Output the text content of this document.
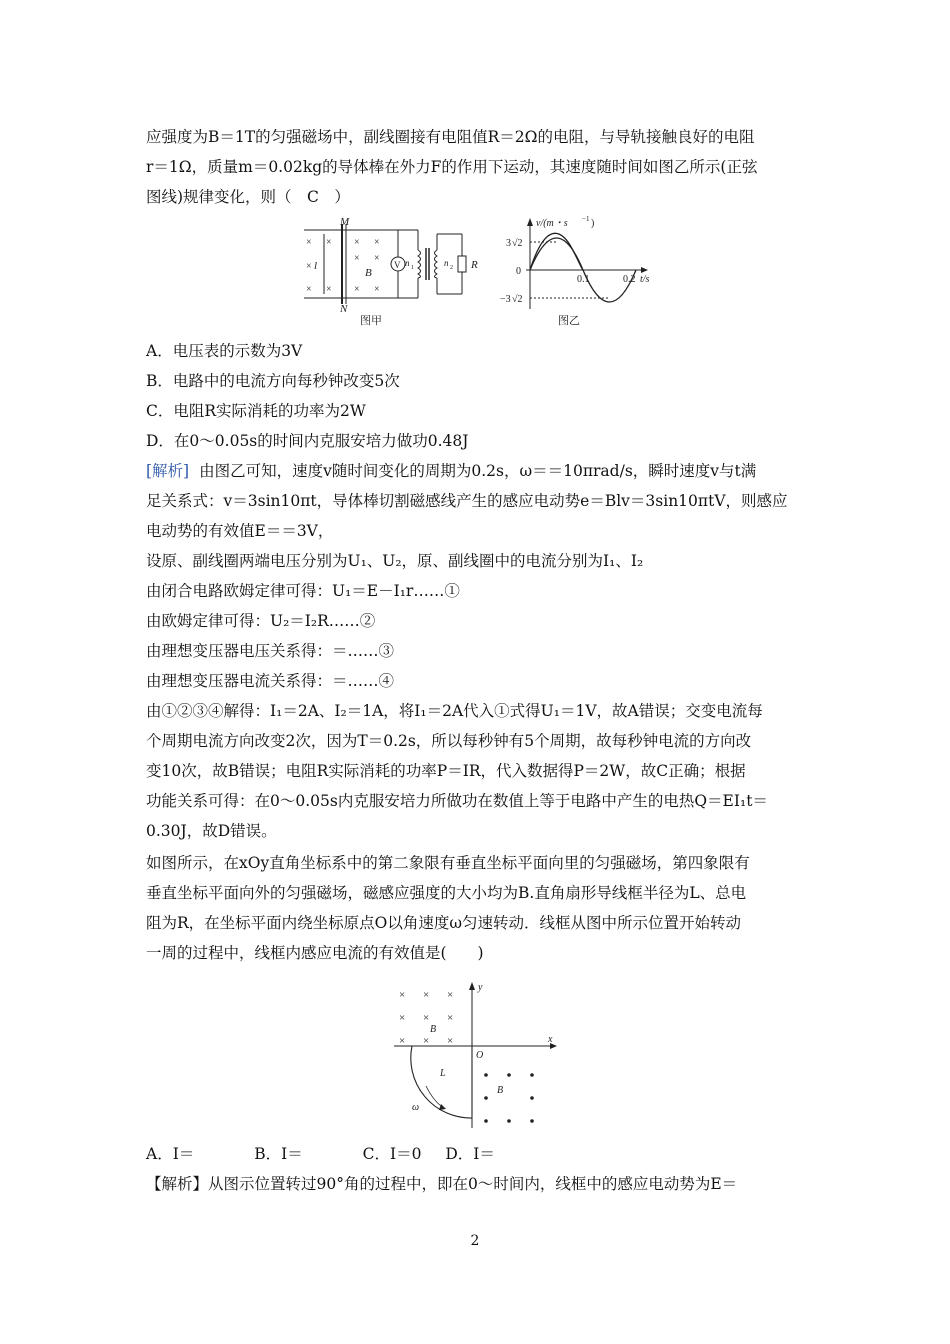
应强度为B＝1T的匀强磁场中，副线圈接有电阻值R＝2Ω的电阻，与导轨接触良好的电阻
r＝1Ω，质量m＝0.02kg的导体棒在外力F的作用下运动，其速度随时间如图乙所示(正弦
图线)规律变化，则（　C　）
M
N
l
B
V n 1	n 2 R
图甲
× × × ×
×
× ×
× × × ×
v/(m・s −1 )
3 √2
0
−3 √2
0.1	0.2 t/s
图乙
A．电压表的示数为3V
B．电路中的电流方向每秒钟改变5次
C．电阻R实际消耗的功率为2W
D．在0～0.05s的时间内克服安培力做功0.48J
[解析] 由图乙可知，速度v随时间变化的周期为0.2s，ω＝＝10πrad/s，瞬时速度v与t满
足关系式：v＝3sin10πt，导体棒切割磁感线产生的感应电动势e＝Blv＝3sin10πtV，则感应
电动势的有效值E＝＝3V，
设原、副线圈两端电压分别为U₁、U₂，原、副线圈中的电流分别为I₁、I₂
由闭合电路欧姆定律可得：U₁＝E－I₁r……①
由欧姆定律可得：U₂＝I₂R……②
由理想变压器电压关系得：＝……③
由理想变压器电流关系得：＝……④
由①②③④解得：I₁＝2A、I₂＝1A，将I₁＝2A代入①式得U₁＝1V，故A错误；交变电流每
个周期电流方向改变2次，因为T＝0.2s，所以每秒钟有5个周期，故每秒钟电流的方向改
变10次，故B错误；电阻R实际消耗的功率P＝IR，代入数据得P＝2W，故C正确；根据
功能关系可得：在0～0.05s内克服安培力所做功在数值上等于电路中产生的电热Q＝EI₁t＝
0.30J，故D错误。
如图所示，在xOy直角坐标系中的第二象限有垂直坐标平面向里的匀强磁场，第四象限有
垂直坐标平面向外的匀强磁场，磁感应强度的大小均为B.直角扇形导线框半径为L、总电
阻为R，在坐标平面内绕坐标原点O以角速度ω匀速转动．线框从图中所示位置开始转动
一周的过程中，线框内感应电流的有效值是(　　)
y
x
O
B
L
ω
B
× × ×
× × ×
× × ×
A．I＝	B．I＝	C．I＝0 D．I＝
【解析】从图示位置转过90°角的过程中，即在0～时间内，线框中的感应电动势为E＝
2
